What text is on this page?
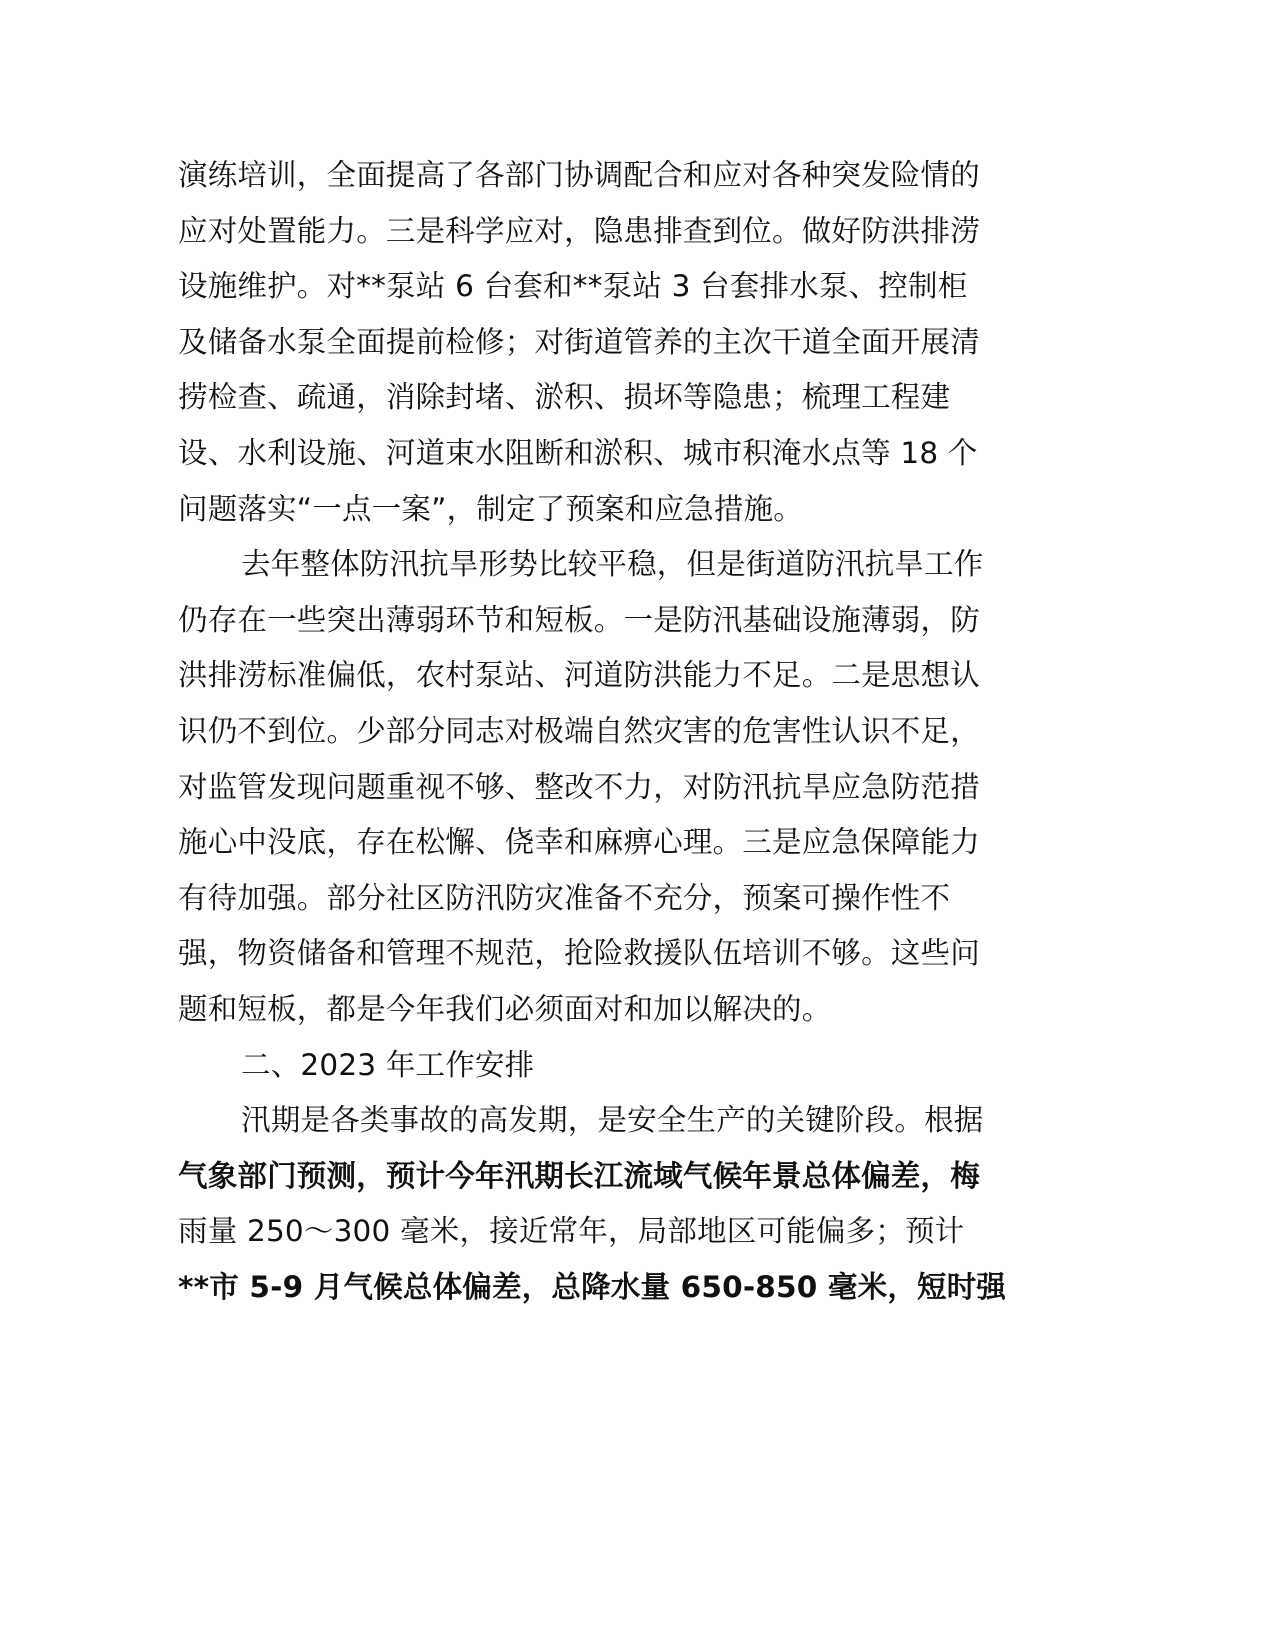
演练培训，全面提高了各部门协调配合和应对各种突发险情的
应对处置能力。三是科学应对，隐患排查到位。做好防洪排涝
设施维护。对**泵站 6 台套和**泵站 3 台套排水泵、控制柜
及储备水泵全面提前检修；对街道管养的主次干道全面开展清
捞检查、疏通，消除封堵、淤积、损坏等隐患；梳理工程建
设、水利设施、河道束水阻断和淤积、城市积淹水点等 18 个
问题落实“一点一案”，制定了预案和应急措施。
去年整体防汛抗旱形势比较平稳，但是街道防汛抗旱工作
仍存在一些突出薄弱环节和短板。一是防汛基础设施薄弱，防
洪排涝标准偏低，农村泵站、河道防洪能力不足。二是思想认
识仍不到位。少部分同志对极端自然灾害的危害性认识不足，
对监管发现问题重视不够、整改不力，对防汛抗旱应急防范措
施心中没底，存在松懈、侥幸和麻痹心理。三是应急保障能力
有待加强。部分社区防汛防灾准备不充分，预案可操作性不
强，物资储备和管理不规范，抢险救援队伍培训不够。这些问
题和短板，都是今年我们必须面对和加以解决的。
二、2023 年工作安排
汛期是各类事故的高发期，是安全生产的关键阶段。根据
气象部门预测，预计今年汛期长江流域气候年景总体偏差，梅
雨量 250～300 毫米，接近常年，局部地区可能偏多；预计
**市 5-9 月气候总体偏差，总降水量 650-850 毫米，短时强
